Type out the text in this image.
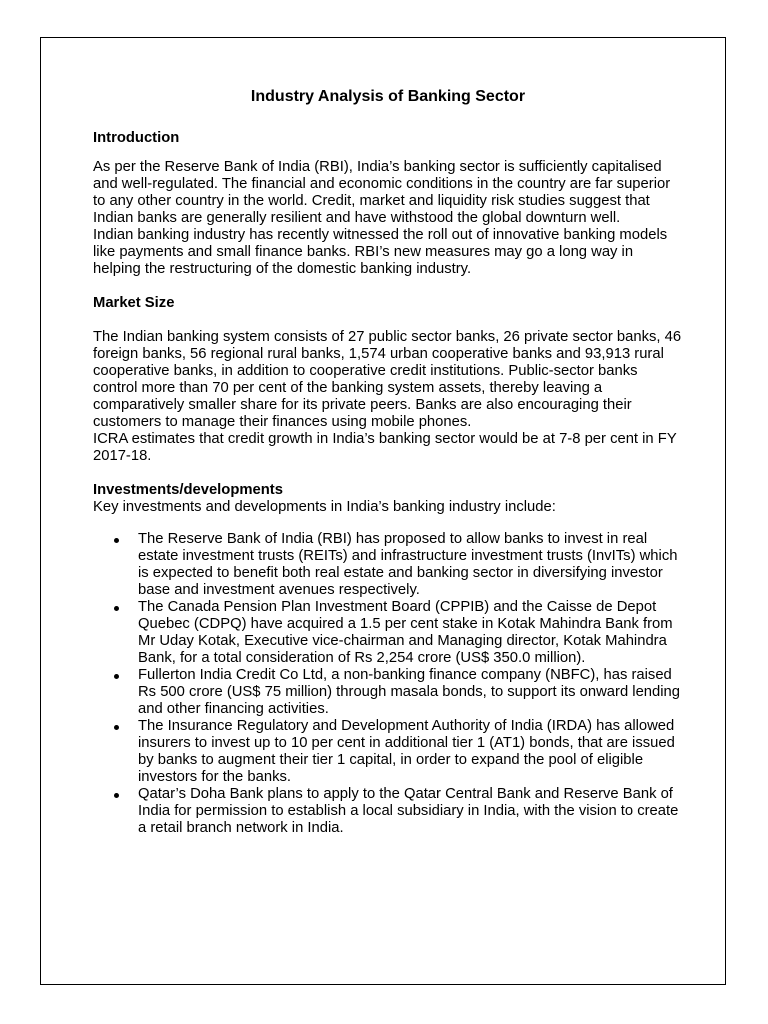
Industry Analysis of Banking Sector
Introduction

As per the Reserve Bank of India (RBI), India’s banking sector is sufficiently capitalised and well-regulated. The financial and economic conditions in the country are far superior to any other country in the world. Credit, market and liquidity risk studies suggest that Indian banks are generally resilient and have withstood the global downturn well.

Indian banking industry has recently witnessed the roll out of innovative banking models like payments and small finance banks. RBI’s new measures may go a long way in helping the restructuring of the domestic banking industry.

Market Size

The Indian banking system consists of 27 public sector banks, 26 private sector banks, 46 foreign banks, 56 regional rural banks, 1,574 urban cooperative banks and 93,913 rural cooperative banks, in addition to cooperative credit institutions. Public-sector banks control more than 70 per cent of the banking system assets, thereby leaving a comparatively smaller share for its private peers. Banks are also encouraging their customers to manage their finances using mobile phones.

ICRA estimates that credit growth in India’s banking sector would be at 7-8 per cent in FY 2017-18.

Investments/developments

Key investments and developments in India’s banking industry include:

The Reserve Bank of India (RBI) has proposed to allow banks to invest in real estate investment trusts (REITs) and infrastructure investment trusts (InvITs) which is expected to benefit both real estate and banking sector in diversifying investor base and investment avenues respectively.
The Canada Pension Plan Investment Board (CPPIB) and the Caisse de Depot Quebec (CDPQ) have acquired a 1.5 per cent stake in Kotak Mahindra Bank from Mr Uday Kotak, Executive vice-chairman and Managing director, Kotak Mahindra Bank, for a total consideration of Rs 2,254 crore (US$ 350.0 million).
Fullerton India Credit Co Ltd, a non-banking finance company (NBFC), has raised Rs 500 crore (US$ 75 million) through masala bonds, to support its onward lending and other financing activities.
The Insurance Regulatory and Development Authority of India (IRDA) has allowed insurers to invest up to 10 per cent in additional tier 1 (AT1) bonds, that are issued by banks to augment their tier 1 capital, in order to expand the pool of eligible investors for the banks.
Qatar’s Doha Bank plans to apply to the Qatar Central Bank and Reserve Bank of India for permission to establish a local subsidiary in India, with the vision to create a retail branch network in India.
